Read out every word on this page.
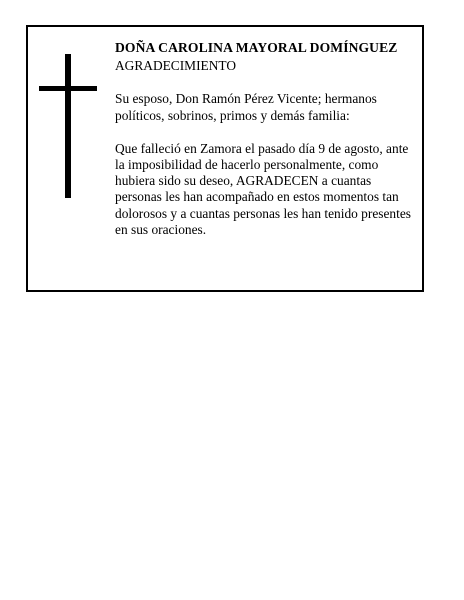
DOÑA CAROLINA MAYORAL DOMÍNGUEZ

AGRADECIMIENTO

Su esposo, Don Ramón Pérez Vicente; hermanos políticos, sobrinos, primos y demás familia:

Que falleció en Zamora el pasado día 9 de agosto, ante la imposibilidad de hacerlo personalmente, como hubiera sido su deseo, AGRADECEN a cuantas personas les han acompañado en estos momentos tan dolorosos y a cuantas personas les han tenido presentes en sus oraciones.
